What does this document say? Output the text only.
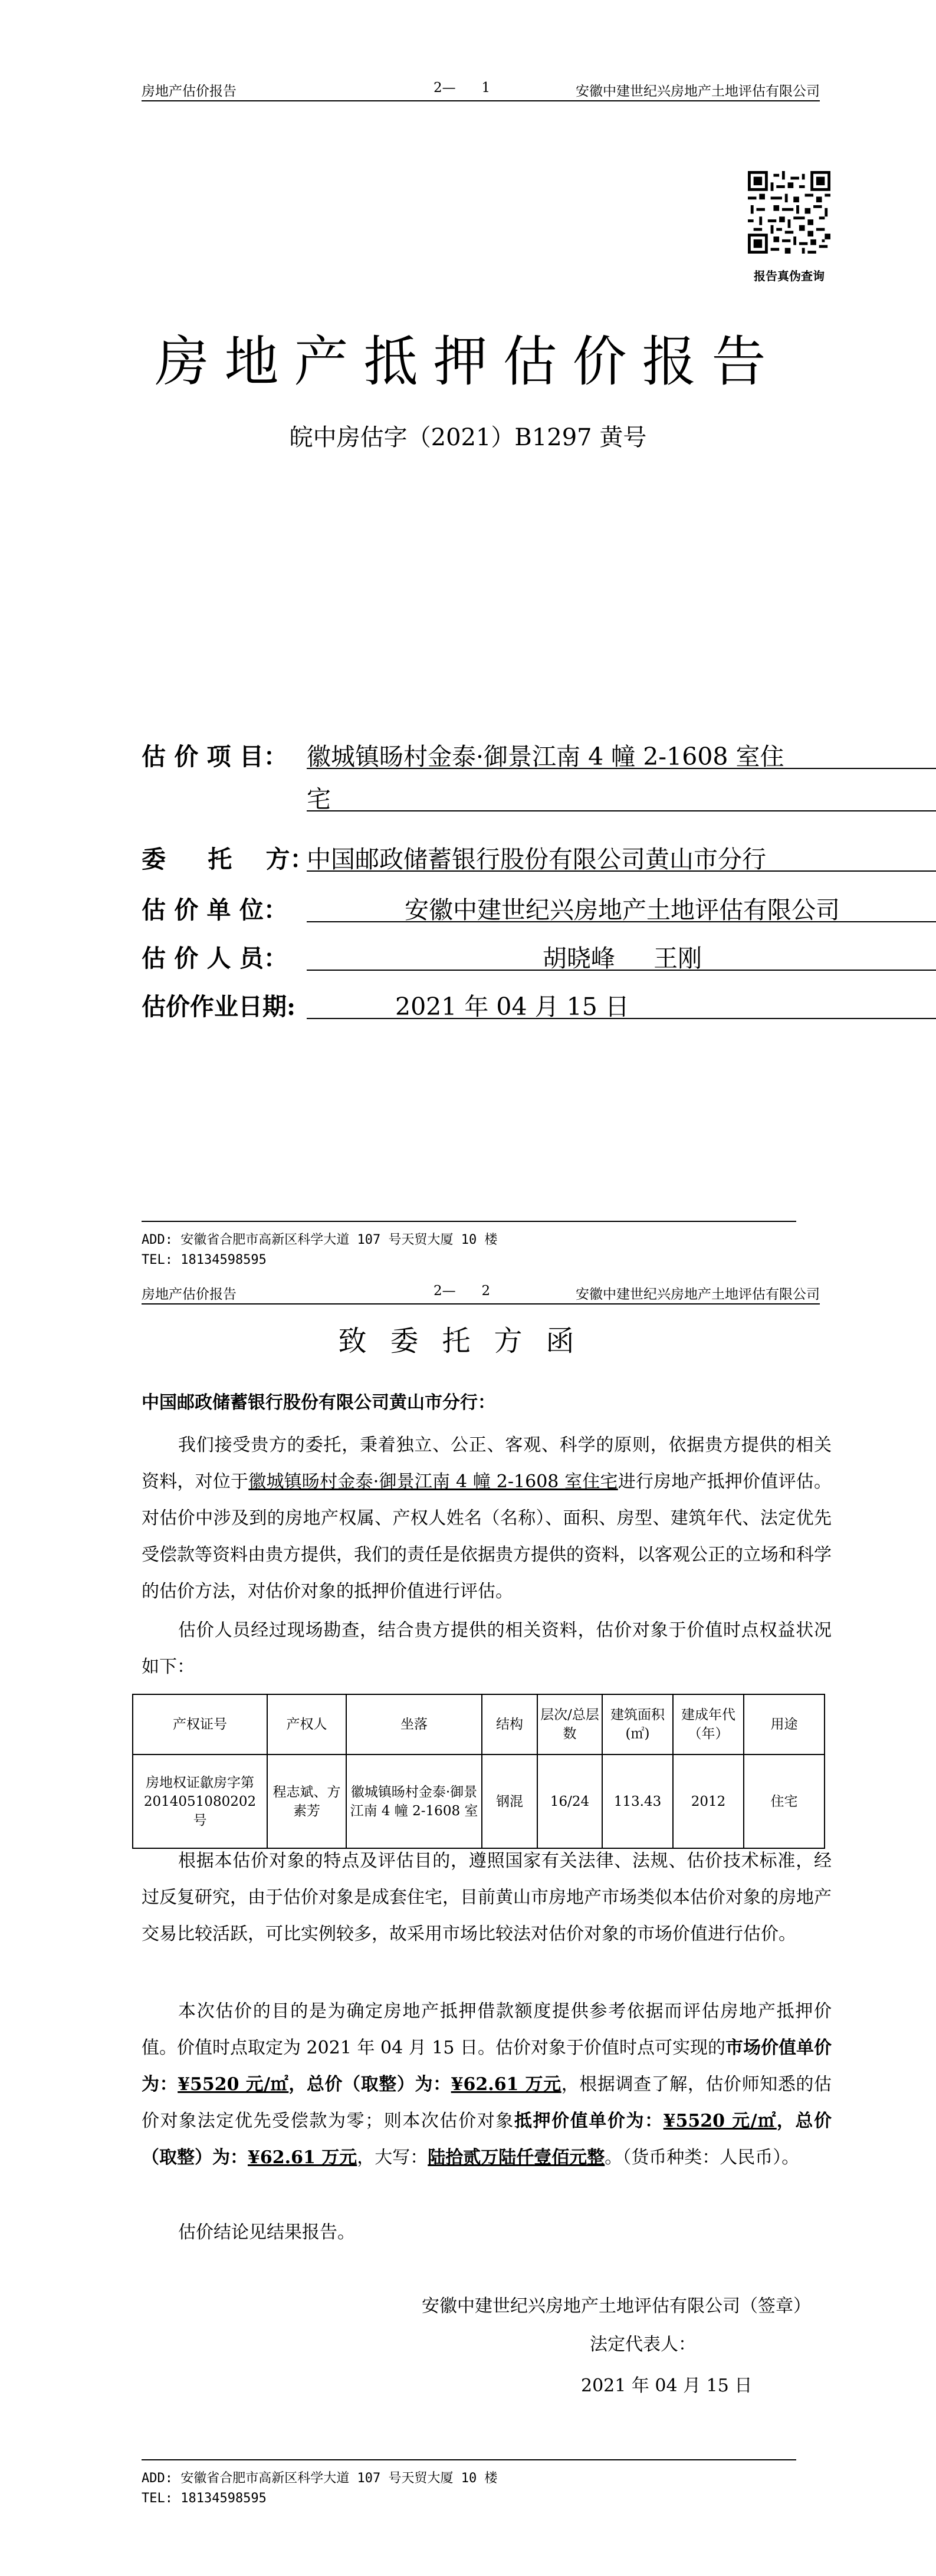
房地产估价报告	2—      1	安徽中建世纪兴房地产土地评估有限公司
报告真伪查询
房地产抵押估价报告
皖中房估字（2021）B1297 黄号
估 价 项 目： 徽城镇旸村金泰·御景江南 4 幢 2-1608 室住
宅
委     托    方：
中国邮政储蓄银行股份有限公司黄山市分行
估 价 单 位：	安徽中建世纪兴房地产土地评估有限公司
估 价 人 员：	胡晓峰     王刚
估价作业日期:	2021 年 04 月 15 日
ADD: 安徽省合肥市高新区科学大道 107 号天贸大厦 10 楼
TEL: 18134598595
房地产估价报告	2—      2	安徽中建世纪兴房地产土地评估有限公司
致委托方函
中国邮政储蓄银行股份有限公司黄山市分行：
我们接受贵方的委托，秉着独立、公正、客观、科学的原则，依据贵方提供的相关资料，对位于徽城镇旸村金泰·御景江南 4 幢 2-1608 室住宅进行房地产抵押价值评估。对估价中涉及到的房地产权属、产权人姓名（名称）、面积、房型、建筑年代、法定优先受偿款等资料由贵方提供，我们的责任是依据贵方提供的资料，以客观公正的立场和科学的估价方法，对估价对象的抵押价值进行评估。
估价人员经过现场勘查，结合贵方提供的相关资料，估价对象于价值时点权益状况如下：
产权证号	产权人	坐落	结构	层次/总层数	建筑面积(㎡)	建成年代（年）	用途
房地权证歙房字第 2014051080202 号	程志斌、方素芳	徽城镇旸村金泰·御景江南 4 幢 2-1608 室	钢混	16/24	113.43	2012	住宅
根据本估价对象的特点及评估目的，遵照国家有关法律、法规、估价技术标准，经过反复研究，由于估价对象是成套住宅，目前黄山市房地产市场类似本估价对象的房地产交易比较活跃，可比实例较多，故采用市场比较法对估价对象的市场价值进行估价。
本次估价的目的是为确定房地产抵押借款额度提供参考依据而评估房地产抵押价值。价值时点取定为 2021 年 04 月 15 日。估价对象于价值时点可实现的市场价值单价为：¥5520 元/㎡，总价（取整）为：¥62.61 万元，根据调查了解，估价师知悉的估价对象法定优先受偿款为零；则本次估价对象抵押价值单价为：¥5520 元/㎡，总价（取整）为：¥62.61 万元，大写：陆拾贰万陆仟壹佰元整。（货币种类：人民币）。
估价结论见结果报告。
安徽中建世纪兴房地产土地评估有限公司（签章）
法定代表人：
2021 年 04 月 15 日
ADD: 安徽省合肥市高新区科学大道 107 号天贸大厦 10 楼
TEL: 18134598595
